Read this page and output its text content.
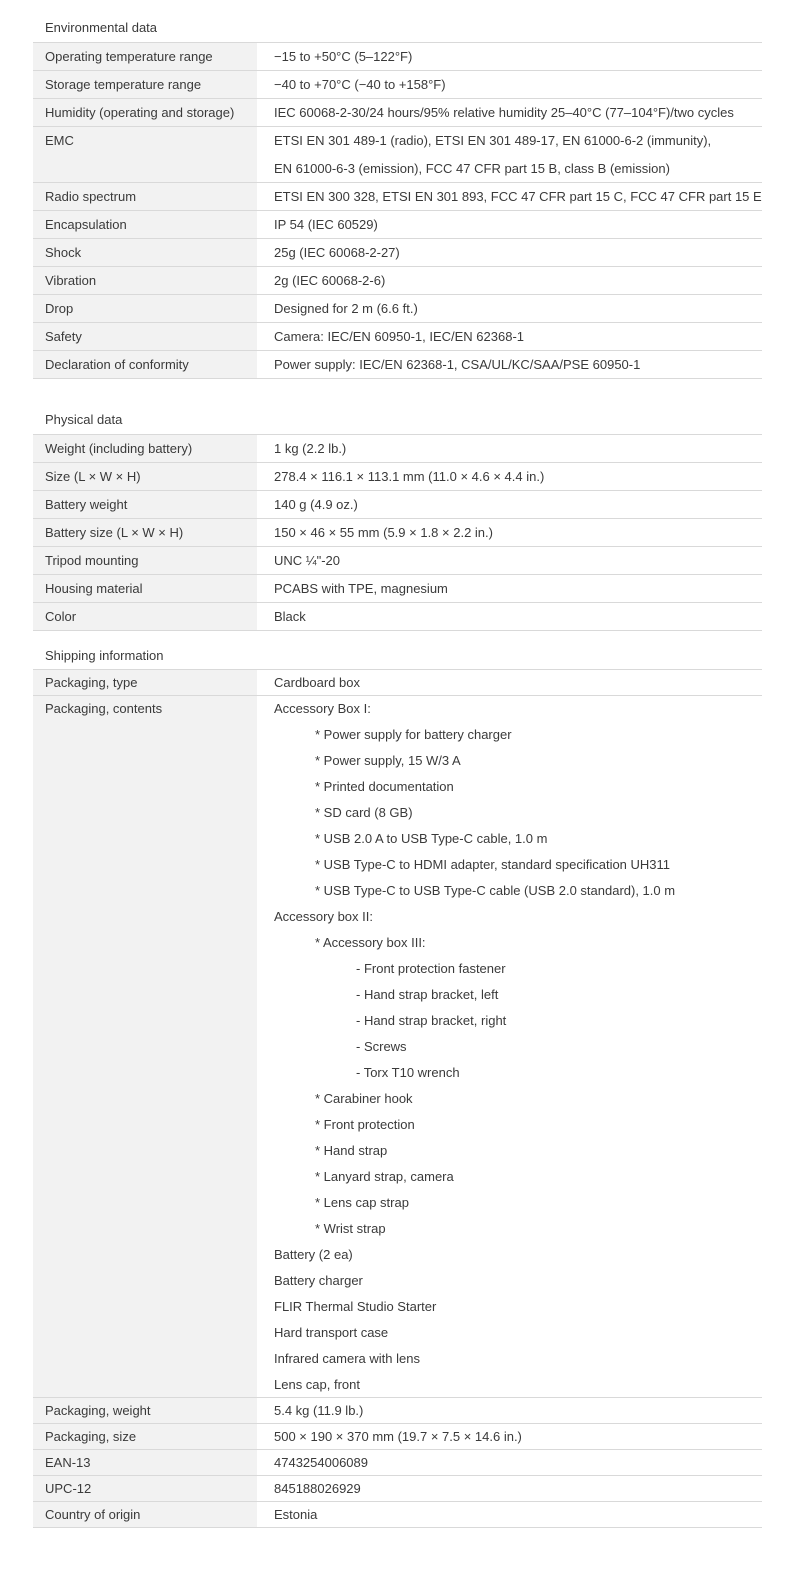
Environmental data
Operating temperature range	−15 to +50°C (5–122°F)
Storage temperature range	−40 to +70°C (−40 to +158°F)
Humidity (operating and storage)	IEC 60068-2-30/24 hours/95% relative humidity 25–40°C (77–104°F)/two cycles
EMC	ETSI EN 301 489-1 (radio), ETSI EN 301 489-17, EN 61000-6-2 (immunity),
EN 61000-6-3 (emission), FCC 47 CFR part 15 B, class B (emission)
Radio spectrum	ETSI EN 300 328, ETSI EN 301 893, FCC 47 CFR part 15 C, FCC 47 CFR part 15 E
Encapsulation	IP 54 (IEC 60529)
Shock	25g (IEC 60068-2-27)
Vibration	2g (IEC 60068-2-6)
Drop	Designed for 2 m (6.6 ft.)
Safety	Camera: IEC/EN 60950-1, IEC/EN 62368-1
Declaration of conformity	Power supply: IEC/EN 62368-1, CSA/UL/KC/SAA/PSE 60950-1
Physical data
Weight (including battery)	1 kg (2.2 lb.)
Size (L × W × H)	278.4 × 116.1 × 113.1 mm (11.0 × 4.6 × 4.4 in.)
Battery weight	140 g (4.9 oz.)
Battery size (L × W × H)	150 × 46 × 55 mm (5.9 × 1.8 × 2.2 in.)
Tripod mounting	UNC ¼"-20
Housing material	PCABS with TPE, magnesium
Color	Black
Shipping information
Packaging, type	Cardboard box
Packaging, contents	Accessory Box I:
* Power supply for battery charger
* Power supply, 15 W/3 A
* Printed documentation
* SD card (8 GB)
* USB 2.0 A to USB Type-C cable, 1.0 m
* USB Type-C to HDMI adapter, standard specification UH311
* USB Type-C to USB Type-C cable (USB 2.0 standard), 1.0 m
Accessory box II:
* Accessory box III:
- Front protection fastener
- Hand strap bracket, left
- Hand strap bracket, right
- Screws
- Torx T10 wrench
* Carabiner hook
* Front protection
* Hand strap
* Lanyard strap, camera
* Lens cap strap
* Wrist strap
Battery (2 ea)
Battery charger
FLIR Thermal Studio Starter
Hard transport case
Infrared camera with lens
Lens cap, front
Packaging, weight	5.4 kg (11.9 lb.)
Packaging, size	500 × 190 × 370 mm (19.7 × 7.5 × 14.6 in.)
EAN-13	4743254006089
UPC-12	845188026929
Country of origin	Estonia
